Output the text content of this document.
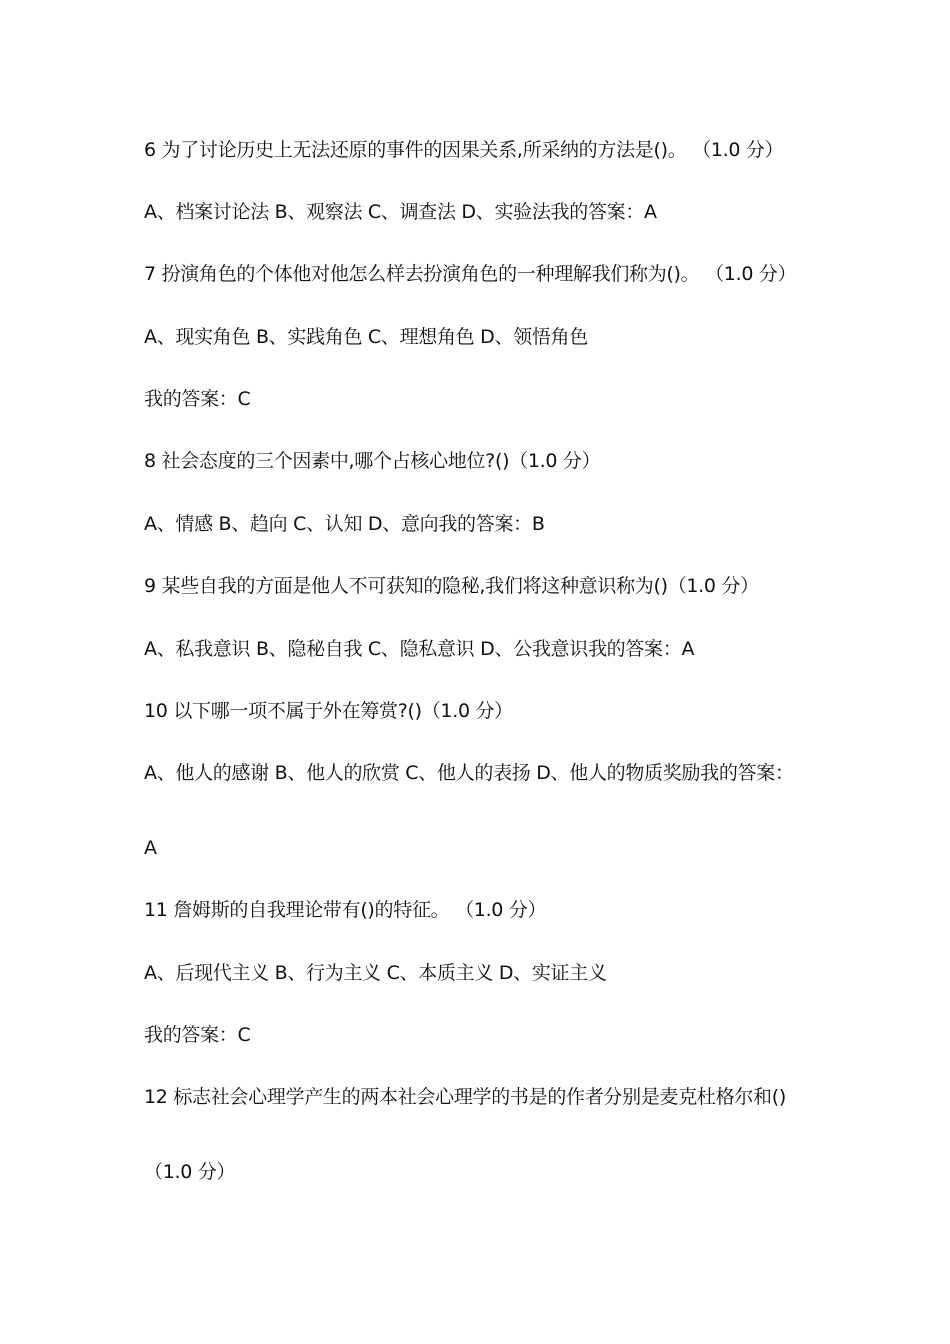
6 为了讨论历史上无法还原的事件的因果关系,所采纳的方法是()。 （1.0 分）
A、档案讨论法 B、观察法 C、调查法 D、实验法我的答案：A
7 扮演角色的个体他对他怎么样去扮演角色的一种理解我们称为()。 （1.0 分）
A、现实角色 B、实践角色 C、理想角色 D、领悟角色
我的答案：C
8 社会态度的三个因素中,哪个占核心地位?()（1.0 分）
A、情感 B、趋向 C、认知 D、意向我的答案：B
9 某些自我的方面是他人不可获知的隐秘,我们将这种意识称为()（1.0 分）
A、私我意识 B、隐秘自我 C、隐私意识 D、公我意识我的答案：A
10 以下哪一项不属于外在筹赏?()（1.0 分）
A、他人的感谢 B、他人的欣赏 C、他人的表扬 D、他人的物质奖励我的答案：
A
11 詹姆斯的自我理论带有()的特征。 （1.0 分）
A、后现代主义 B、行为主义 C、本质主义 D、实证主义
我的答案：C
12 标志社会心理学产生的两本社会心理学的书是的作者分别是麦克杜格尔和()
（1.0 分）
